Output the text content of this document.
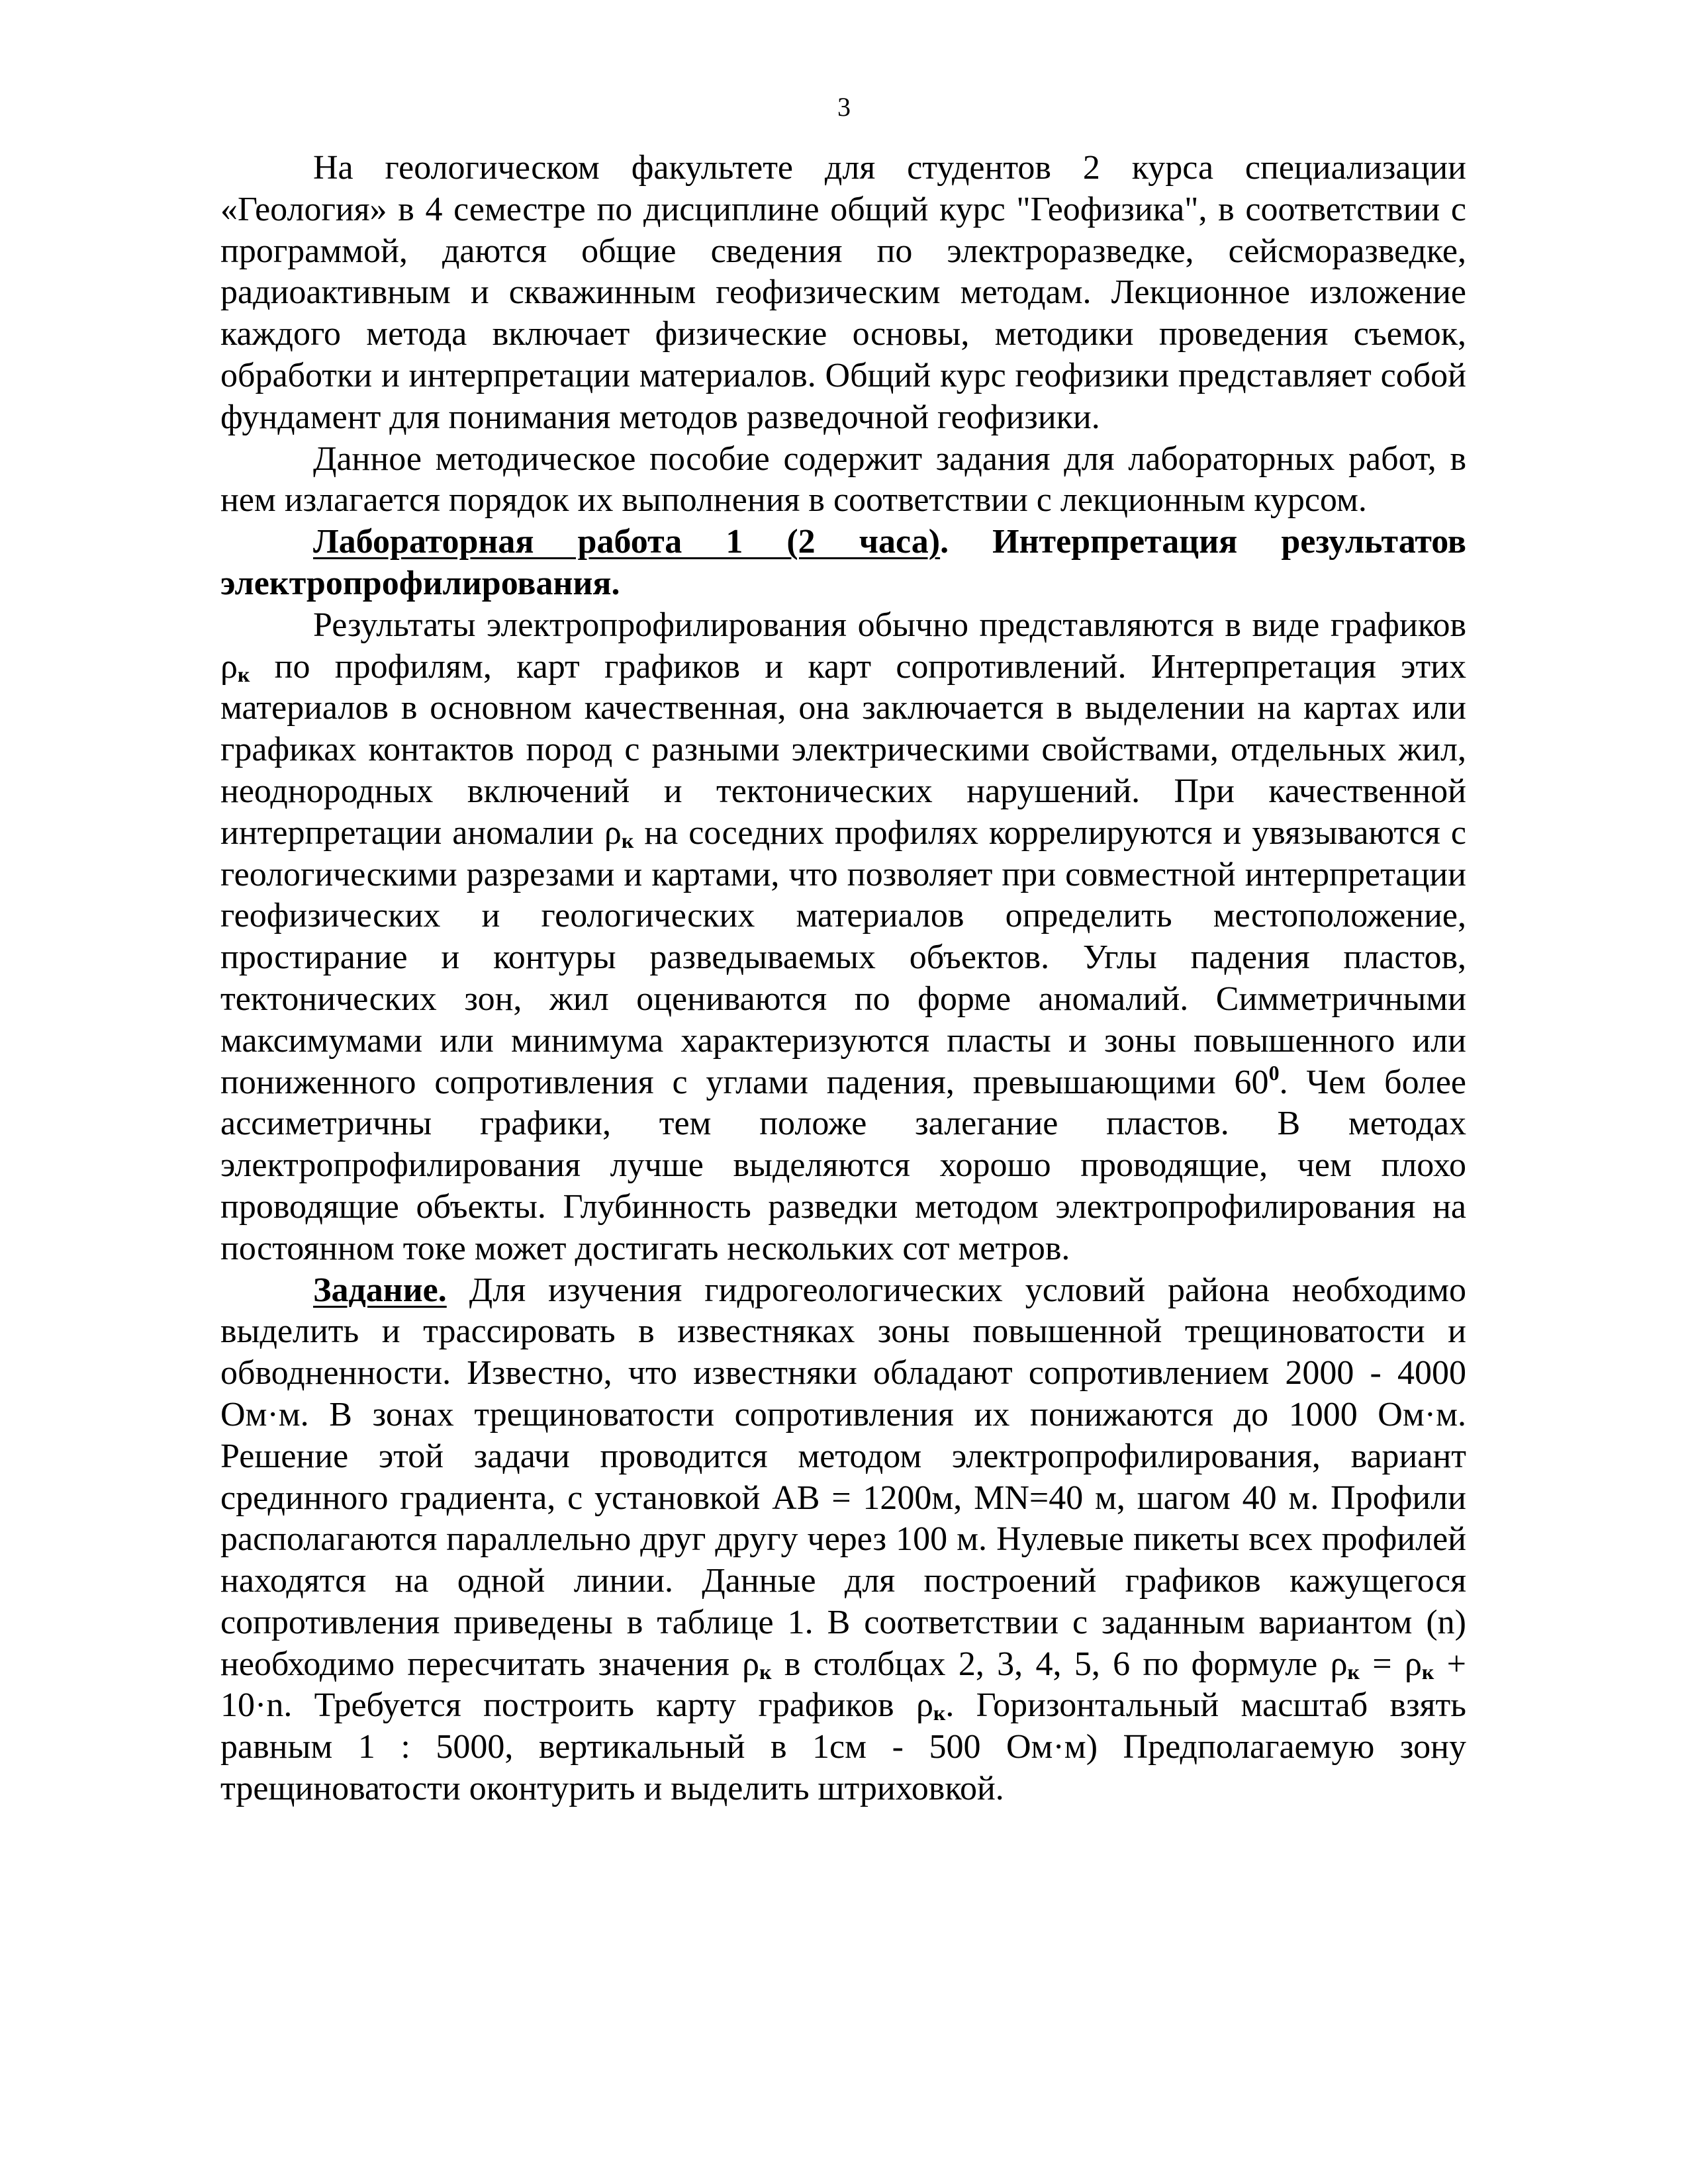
3

На геологическом факультете для студентов 2 курса специализации «Геология» в 4 семестре по дисциплине общий курс "Геофизика", в соответствии с программой, даются общие сведения по электроразведке, сейсморазведке, радиоактивным и скважинным геофизическим методам. Лекционное изложение каждого метода включает физические основы, методики проведения съемок, обработки и интерпретации материалов. Общий курс геофизики представляет собой фундамент для понимания методов разведочной геофизики.

Данное методическое пособие содержит задания для лабораторных работ, в нем излагается порядок их выполнения в соответствии с лекционным курсом.

Лабораторная работа 1 (2 часа). Интерпретация результатов электропрофилирования.

Результаты электропрофилирования обычно представляются в виде графиков $\rho_к$ по профилям, карт графиков и карт сопротивлений. Интерпретация этих материалов в основном качественная, она заключается в выделении на картах или графиках контактов пород с разными электрическими свойствами, отдельных жил, неоднородных включений и тектонических нарушений. При качественной интерпретации аномалии $\rho_к$ на соседних профилях коррелируются и увязываются с геологическими разрезами и картами, что позволяет при совместной интерпретации геофизических и геологических материалов определить местоположение, простирание и контуры разведываемых объектов. Углы падения пластов, тектонических зон, жил оцениваются по форме аномалий. Симметричными максимумами или минимума характеризуются пласты и зоны повышенного или пониженного сопротивления с углами падения, превышающими $60^0$. Чем более ассиметричны графики, тем положе залегание пластов. В методах электропрофилирования лучше выделяются хорошо проводящие, чем плохо проводящие объекты. Глубинность разведки методом электропрофилирования на постоянном токе может достигать нескольких сот метров.

Задание. Для изучения гидрогеологических условий района необходимо выделить и трассировать в известняках зоны повышенной трещиноватости и обводненности. Известно, что известняки обладают сопротивлением 2000 - 4000 Ом·м. В зонах трещиноватости сопротивления их понижаются до 1000 Ом·м. Решение этой задачи проводится методом электропрофилирования, вариант срединного градиента, с установкой АВ = 1200м, MN=40 м, шагом 40 м. Профили располагаются параллельно друг другу через 100 м. Нулевые пикеты всех профилей находятся на одной линии. Данные для построений графиков кажущегося сопротивления приведены в таблице 1. В соответствии с заданным вариантом (n) необходимо пересчитать значения $\rho_к$ в столбцах 2, 3, 4, 5, 6 по формуле $\rho_к = \rho_к + 10\cdot n$. Требуется построить карту графиков $\rho_к$. Горизонтальный масштаб взять равным 1 : 5000, вертикальный в 1см - 500 Ом·м) Предполагаемую зону трещиноватости оконтурить и выделить штриховкой.
